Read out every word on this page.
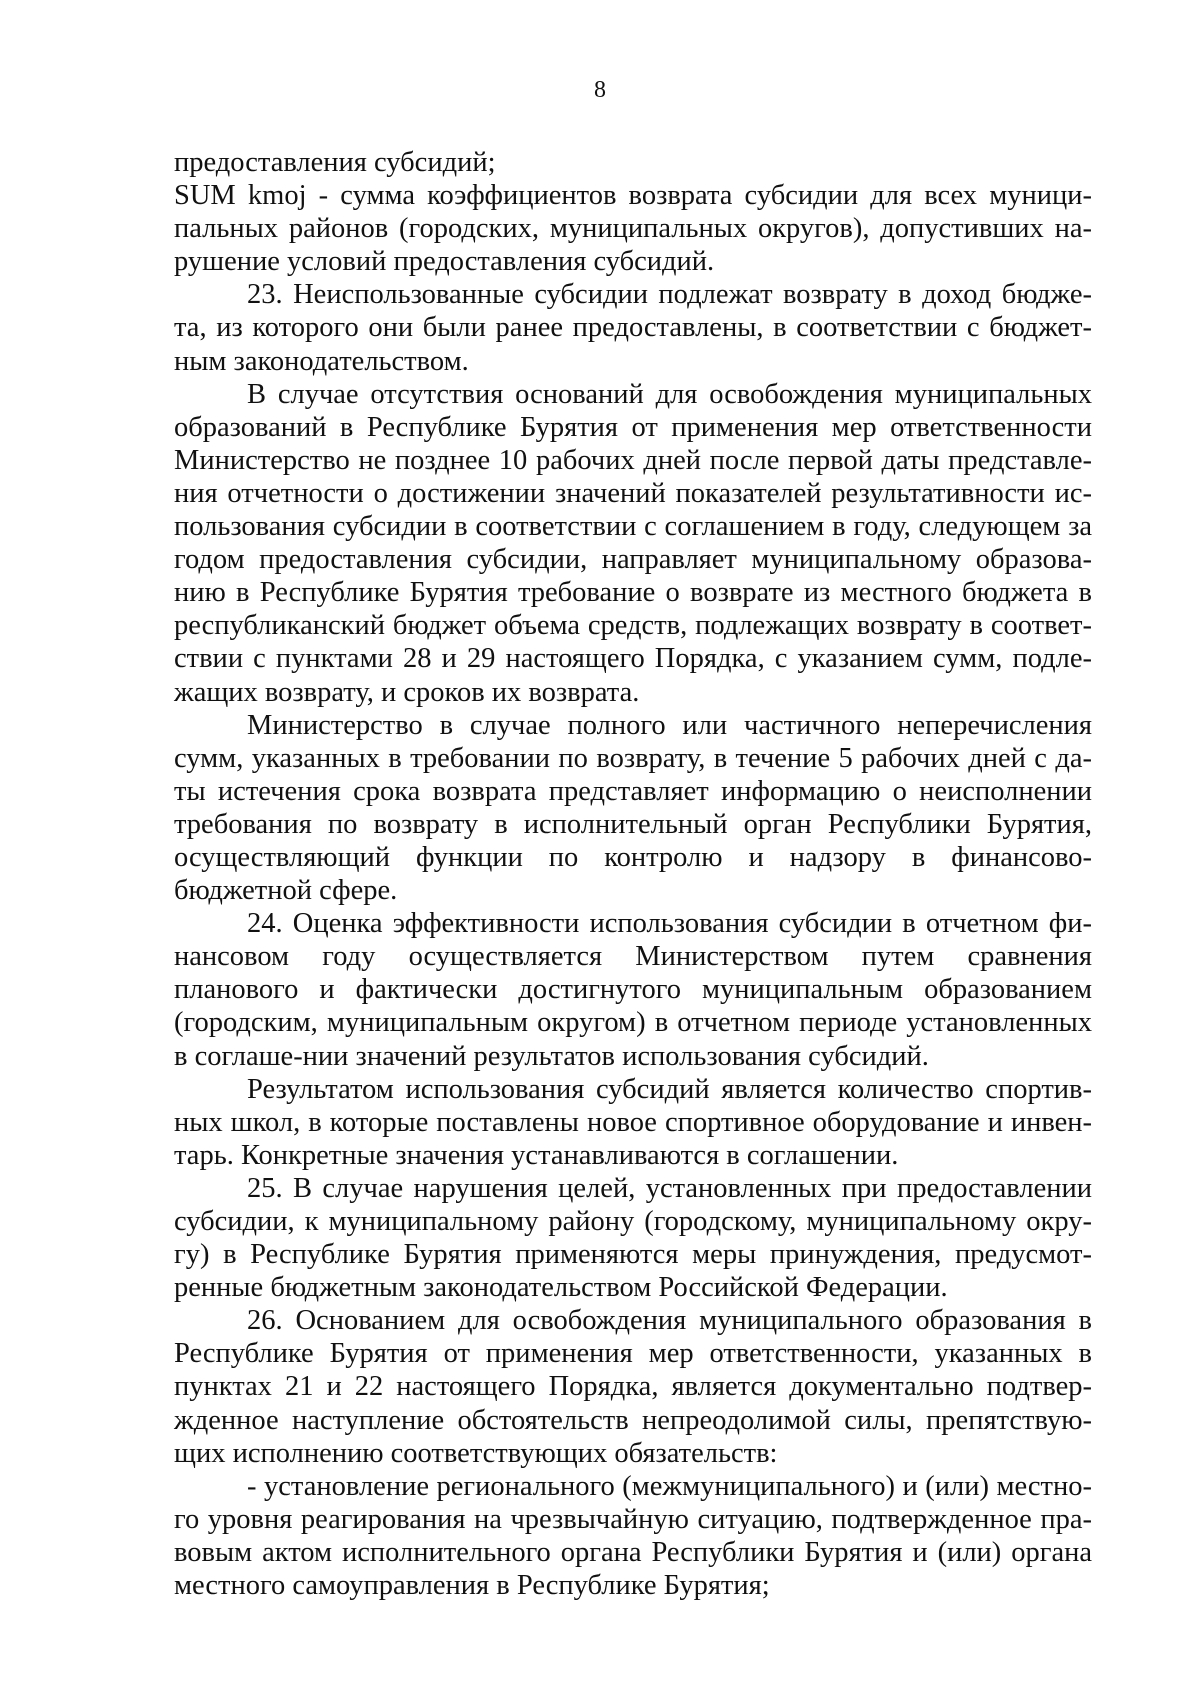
8

предоставления субсидий;

SUM kmoj - сумма коэффициентов возврата субсидии для всех муници-пальных районов (городских, муниципальных округов), допустивших на-рушение условий предоставления субсидий.

23. Неиспользованные субсидии подлежат возврату в доход бюдже-та, из которого они были ранее предоставлены, в соответствии с бюджет-ным законодательством.

В случае отсутствия оснований для освобождения муниципальных образований в Республике Бурятия от применения мер ответственности Министерство не позднее 10 рабочих дней после первой даты представле-ния отчетности о достижении значений показателей результативности ис-пользования субсидии в соответствии с соглашением в году, следующем за годом предоставления субсидии, направляет муниципальному образова-нию в Республике Бурятия требование о возврате из местного бюджета в республиканский бюджет объема средств, подлежащих возврату в соответ-ствии с пунктами 28 и 29 настоящего Порядка, с указанием сумм, подле-жащих возврату, и сроков их возврата.

Министерство в случае полного или частичного неперечисления сумм, указанных в требовании по возврату, в течение 5 рабочих дней с да-ты истечения срока возврата представляет информацию о неисполнении требования по возврату в исполнительный орган Республики Бурятия, осуществляющий функции по контролю и надзору в финансово-бюджетной сфере.

24. Оценка эффективности использования субсидии в отчетном фи-нансовом году осуществляется Министерством путем сравнения планового и фактически достигнутого муниципальным образованием (городским, муниципальным округом) в отчетном периоде установленных в соглаше-нии значений результатов использования субсидий.

Результатом использования субсидий является количество спортив-ных школ, в которые поставлены новое спортивное оборудование и инвен-тарь. Конкретные значения устанавливаются в соглашении.

25. В случае нарушения целей, установленных при предоставлении субсидии, к муниципальному району (городскому, муниципальному окру-гу) в Республике Бурятия применяются меры принуждения, предусмот-ренные бюджетным законодательством Российской Федерации.

26. Основанием для освобождения муниципального образования в Республике Бурятия от применения мер ответственности, указанных в пунктах 21 и 22 настоящего Порядка, является документально подтвер-жденное наступление обстоятельств непреодолимой силы, препятствую-щих исполнению соответствующих обязательств:

- установление регионального (межмуниципального) и (или) местно-го уровня реагирования на чрезвычайную ситуацию, подтвержденное пра-вовым актом исполнительного органа Республики Бурятия и (или) органа местного самоуправления в Республике Бурятия;
